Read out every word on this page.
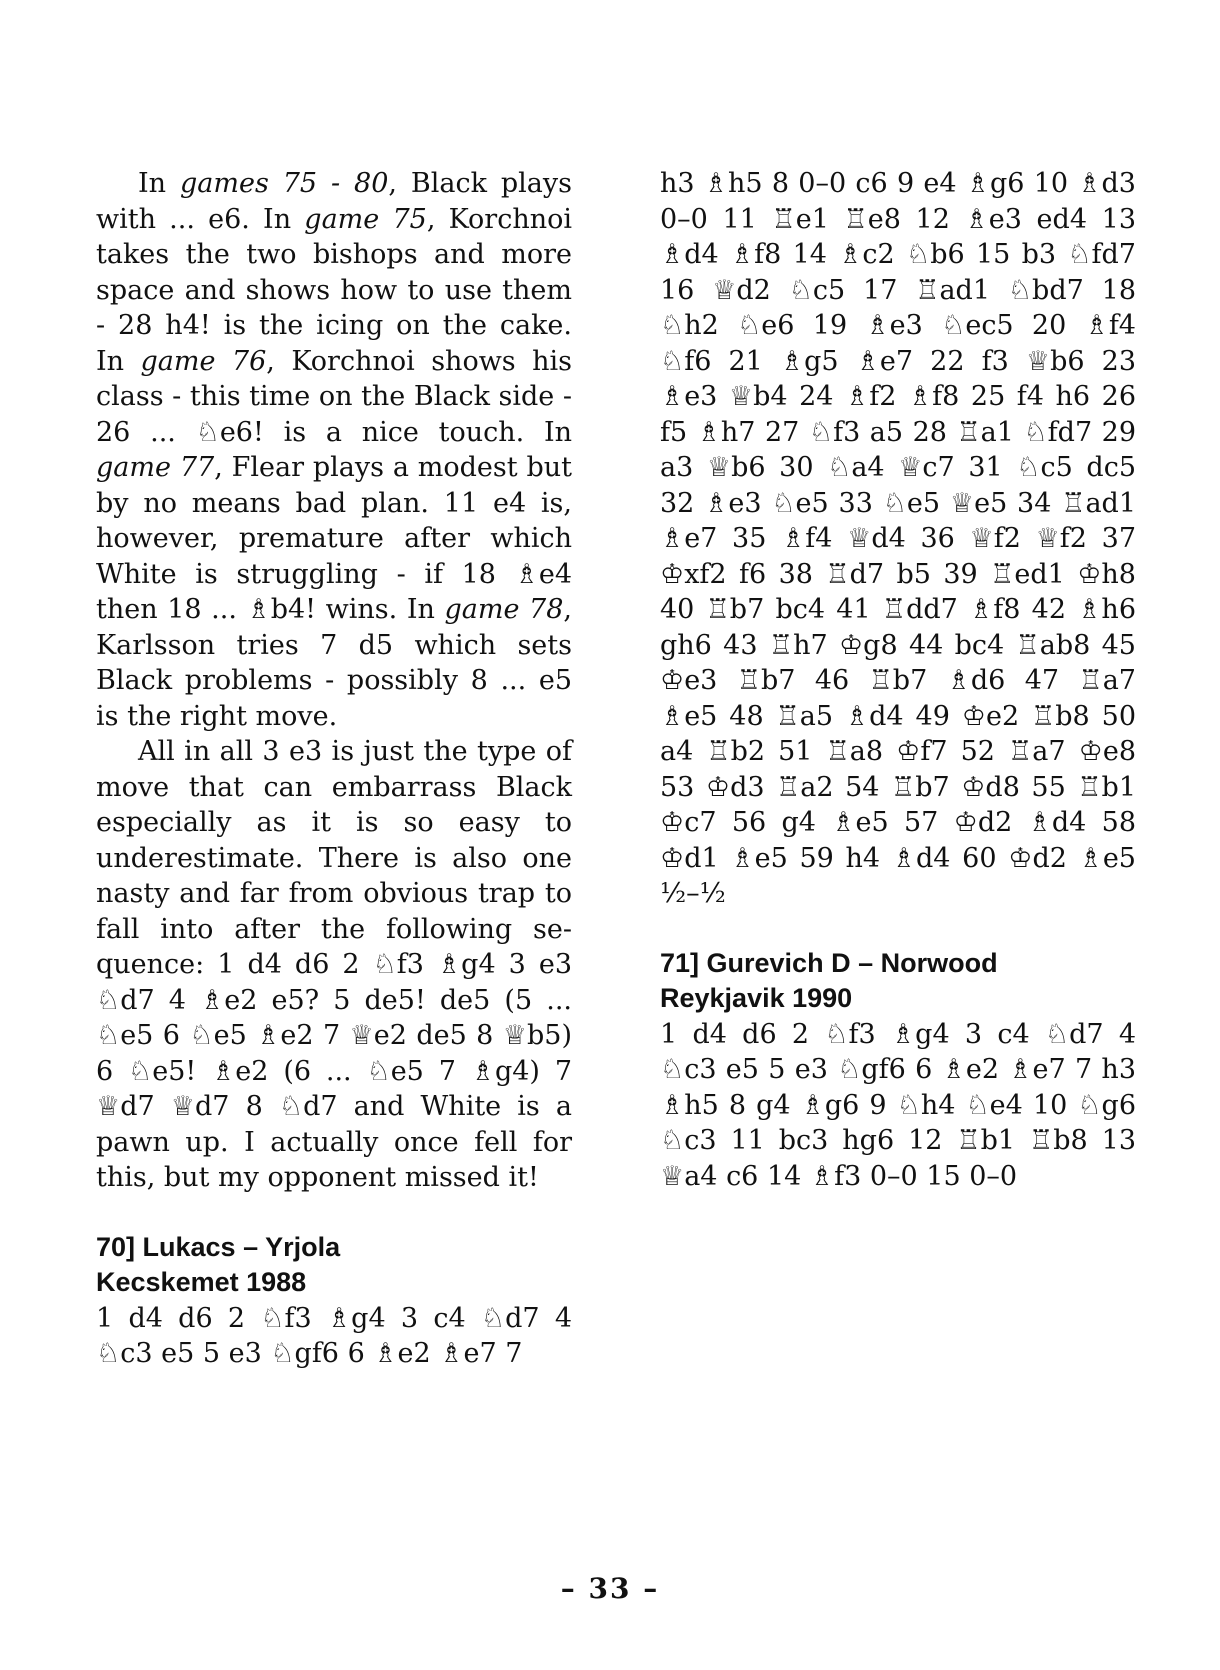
In games 75 - 80, Black plays with ... e6. In game 75, Korchnoi takes the two bishops and more space and shows how to use them - 28 h4! is the icing on the cake. In game 76, Korchnoi shows his class - this time on the Black side - 26 ... ♘e6! is a nice touch. In game 77, Flear plays a modest but by no means bad plan. 11 e4 is, however, premature after which White is struggling - if 18 ♗e4 then 18 ... ♗b4! wins. In game 78, Karlsson tries 7 d5 which sets Black problems - possibly 8 ... e5 is the right move.

All in all 3 e3 is just the type of move that can embarrass Black especially as it is so easy to underestimate. There is also one nasty and far from obvious trap to fall into after the following sequence: 1 d4 d6 2 ♘f3 ♗g4 3 e3 ♘d7 4 ♗e2 e5? 5 de5! de5 (5 ... ♘e5 6 ♘e5 ♗e2 7 ♕e2 de5 8 ♕b5) 6 ♘e5! ♗e2 (6 ... ♘e5 7 ♗g4) 7 ♕d7 ♕d7 8 ♘d7 and White is a pawn up. I actually once fell for this, but my opponent missed it!

70] Lukacs – Yrjola
Kecskemet 1988

1 d4 d6 2 ♘f3 ♗g4 3 c4 ♘d7 4 ♘c3 e5 5 e3 ♘gf6 6 ♗e2 ♗e7 7

h3 ♗h5 8 0–0 c6 9 e4 ♗g6 10 ♗d3 0–0 11 ♖e1 ♖e8 12 ♗e3 ed4 13 ♗d4 ♗f8 14 ♗c2 ♘b6 15 b3 ♘fd7 16 ♕d2 ♘c5 17 ♖ad1 ♘bd7 18 ♘h2 ♘e6 19 ♗e3 ♘ec5 20 ♗f4 ♘f6 21 ♗g5 ♗e7 22 f3 ♕b6 23 ♗e3 ♕b4 24 ♗f2 ♗f8 25 f4 h6 26 f5 ♗h7 27 ♘f3 a5 28 ♖a1 ♘fd7 29 a3 ♕b6 30 ♘a4 ♕c7 31 ♘c5 dc5 32 ♗e3 ♘e5 33 ♘e5 ♕e5 34 ♖ad1 ♗e7 35 ♗f4 ♕d4 36 ♕f2 ♕f2 37 ♔xf2 f6 38 ♖d7 b5 39 ♖ed1 ♔h8 40 ♖b7 bc4 41 ♖dd7 ♗f8 42 ♗h6 gh6 43 ♖h7 ♔g8 44 bc4 ♖ab8 45 ♔e3 ♖b7 46 ♖b7 ♗d6 47 ♖a7 ♗e5 48 ♖a5 ♗d4 49 ♔e2 ♖b8 50 a4 ♖b2 51 ♖a8 ♔f7 52 ♖a7 ♔e8 53 ♔d3 ♖a2 54 ♖b7 ♔d8 55 ♖b1 ♔c7 56 g4 ♗e5 57 ♔d2 ♗d4 58 ♔d1 ♗e5 59 h4 ♗d4 60 ♔d2 ♗e5 ½–½

71] Gurevich D – Norwood
Reykjavik 1990

1 d4 d6 2 ♘f3 ♗g4 3 c4 ♘d7 4 ♘c3 e5 5 e3 ♘gf6 6 ♗e2 ♗e7 7 h3 ♗h5 8 g4 ♗g6 9 ♘h4 ♘e4 10 ♘g6 ♘c3 11 bc3 hg6 12 ♖b1 ♖b8 13 ♕a4 c6 14 ♗f3 0–0 15 0–0

– 33 –
